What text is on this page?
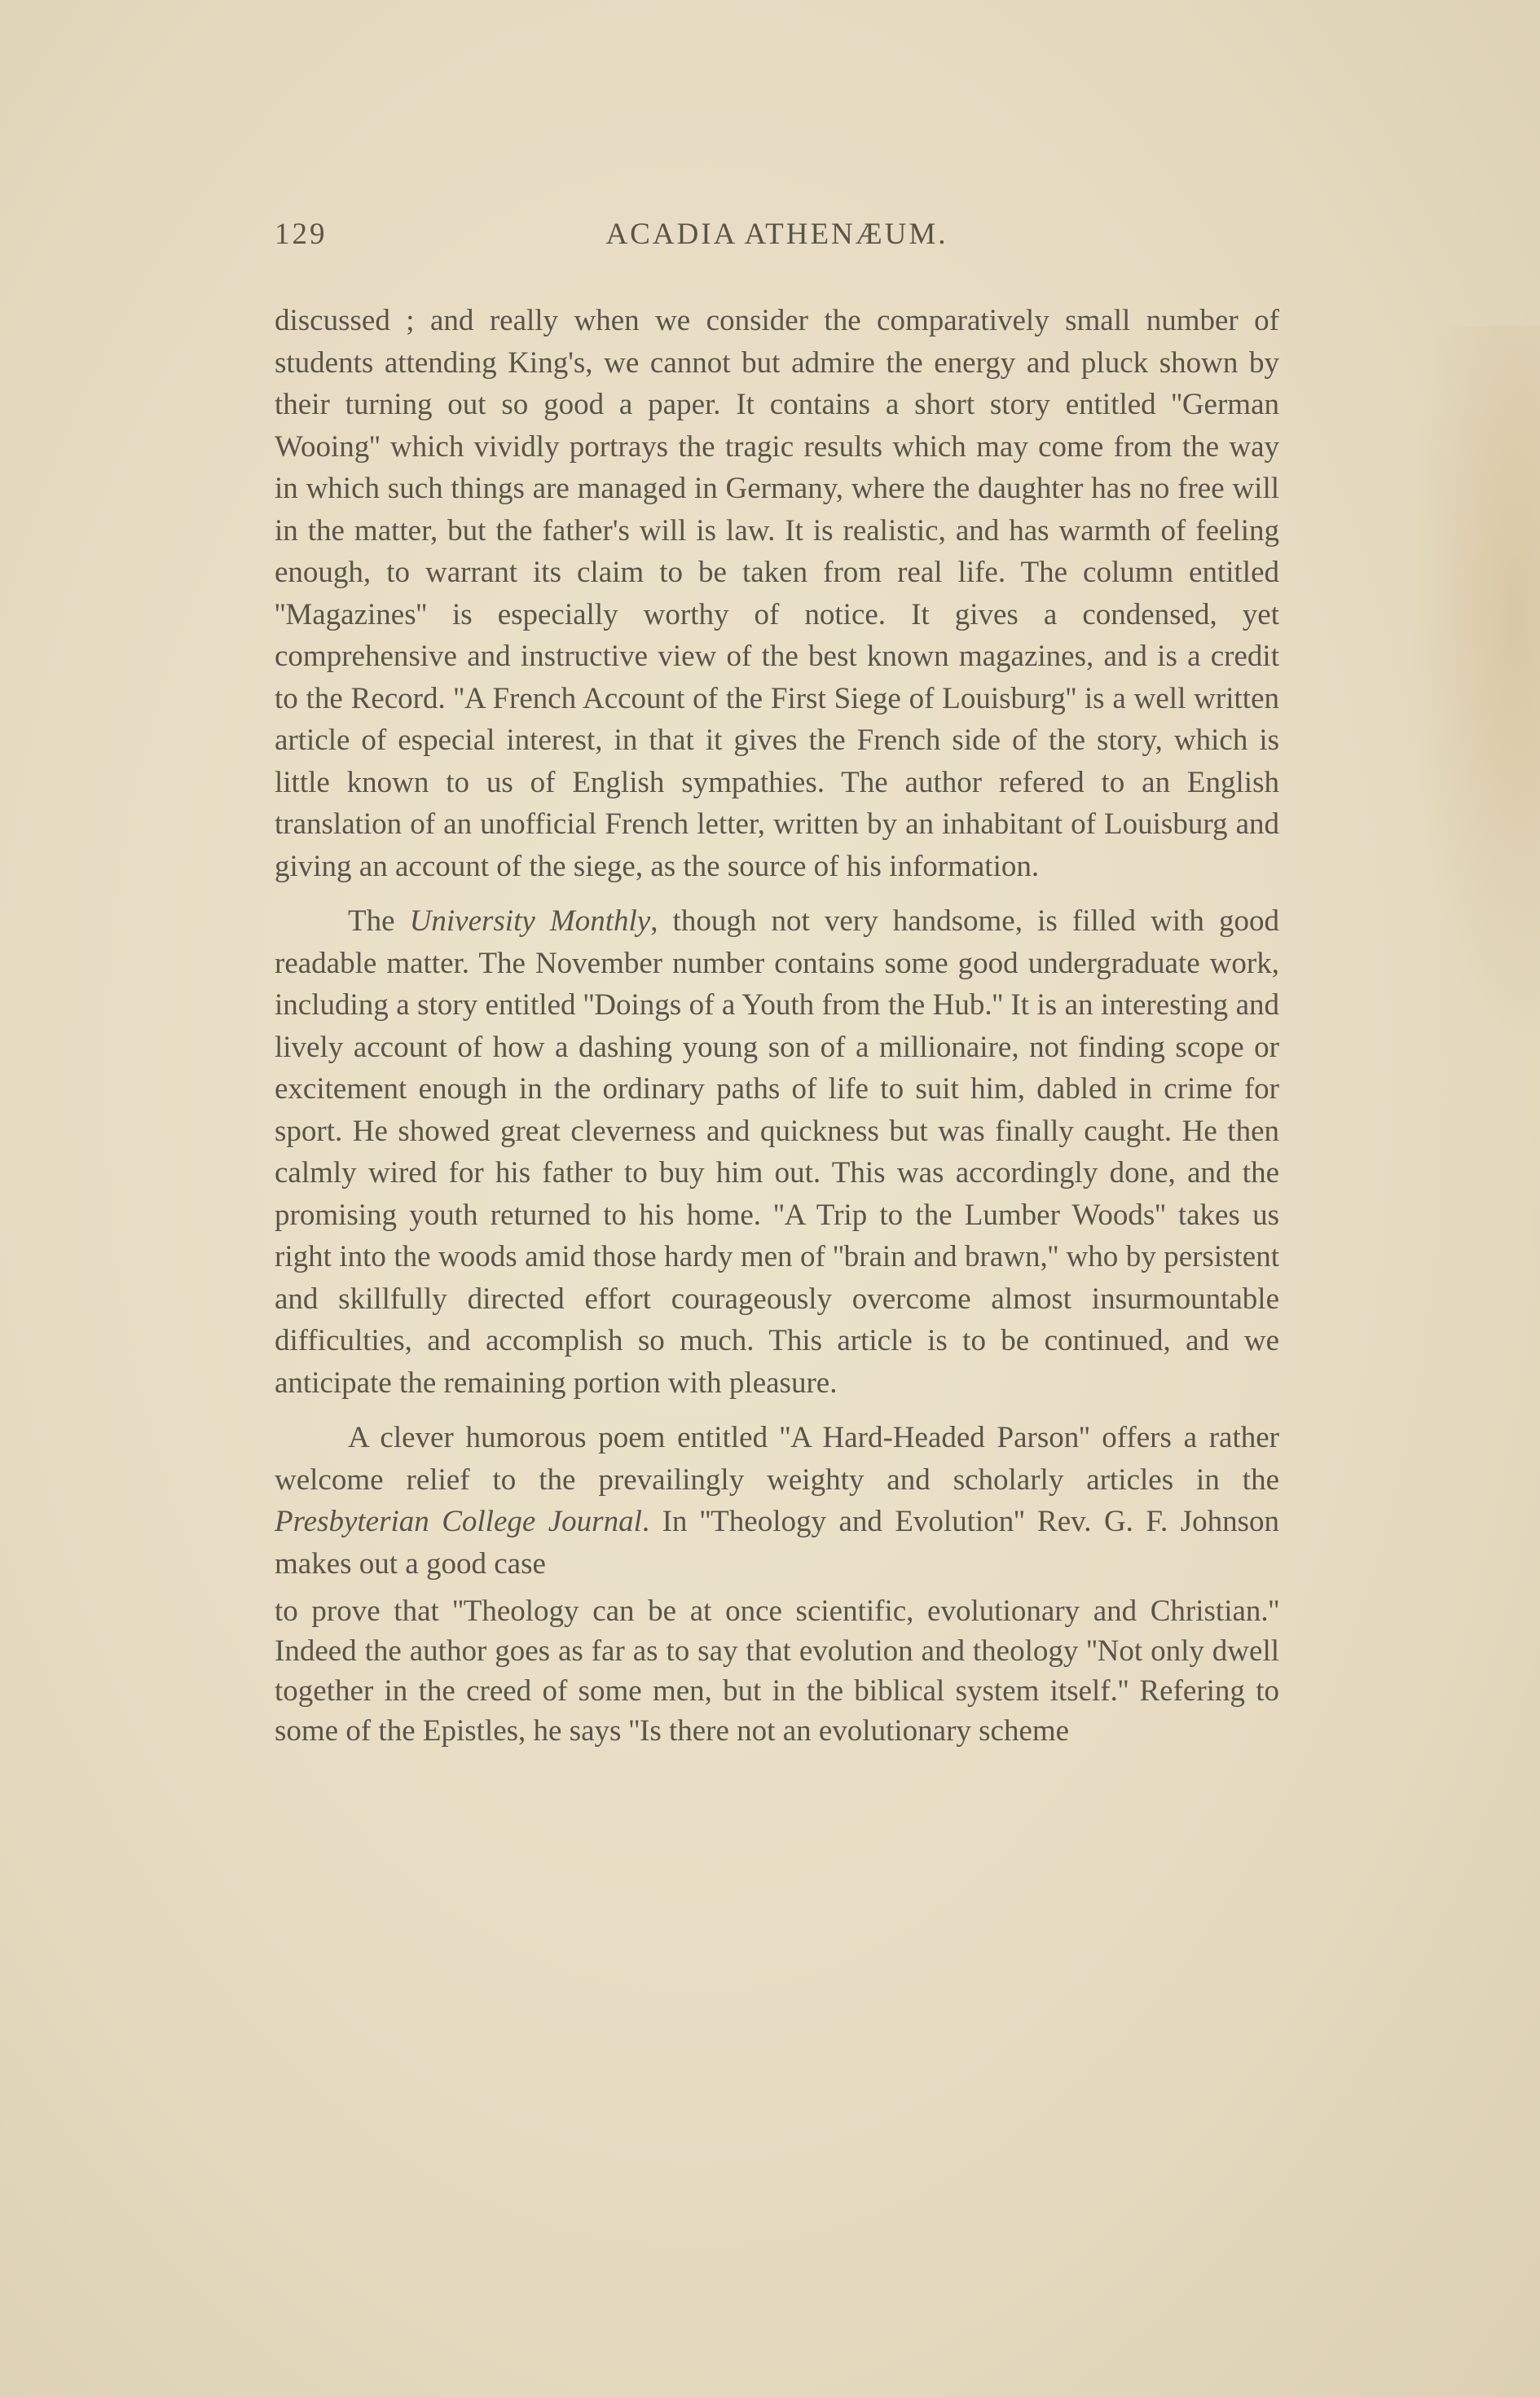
129	ACADIA ATHENÆUM.

discussed ; and really when we consider the comparatively small number of students attending King's, we cannot but admire the energy and pluck shown by their turning out so good a paper. It contains a short story entitled ''German Wooing'' which vividly portrays the tragic results which may come from the way in which such things are managed in Germany, where the daughter has no free will in the matter, but the father's will is law. It is realistic, and has warmth of feeling enough, to warrant its claim to be taken from real life. The column entitled ''Magazines'' is especially worthy of notice. It gives a condensed, yet comprehensive and instructive view of the best known magazines, and is a credit to the Record. ''A French Account of the First Siege of Louisburg'' is a well written article of especial interest, in that it gives the French side of the story, which is little known to us of English sympathies. The author refered to an English translation of an unofficial French letter, written by an inhabitant of Louisburg and giving an account of the siege, as the source of his information.

The University Monthly, though not very handsome, is filled with good readable matter. The November number contains some good undergraduate work, including a story entitled ''Doings of a Youth from the Hub.'' It is an interesting and lively account of how a dashing young son of a millionaire, not finding scope or excitement enough in the ordinary paths of life to suit him, dabled in crime for sport. He showed great cleverness and quickness but was finally caught. He then calmly wired for his father to buy him out. This was accordingly done, and the promising youth returned to his home. ''A Trip to the Lumber Woods'' takes us right into the woods amid those hardy men of ''brain and brawn,'' who by persistent and skillfully directed effort courageously overcome almost insurmountable difficulties, and accomplish so much. This article is to be continued, and we anticipate the remaining portion with pleasure.

A clever humorous poem entitled ''A Hard-Headed Parson'' offers a rather welcome relief to the prevailingly weighty and scholarly articles in the Presbyterian College Journal. In ''Theology and Evolution'' Rev. G. F. Johnson makes out a good case

to prove that ''Theology can be at once scientific, evolutionary and Christian.'' Indeed the author goes as far as to say that evolution and theology ''Not only dwell together in the creed of some men, but in the biblical system itself.'' Refering to some of the Epistles, he says ''Is there not an evolutionary scheme
